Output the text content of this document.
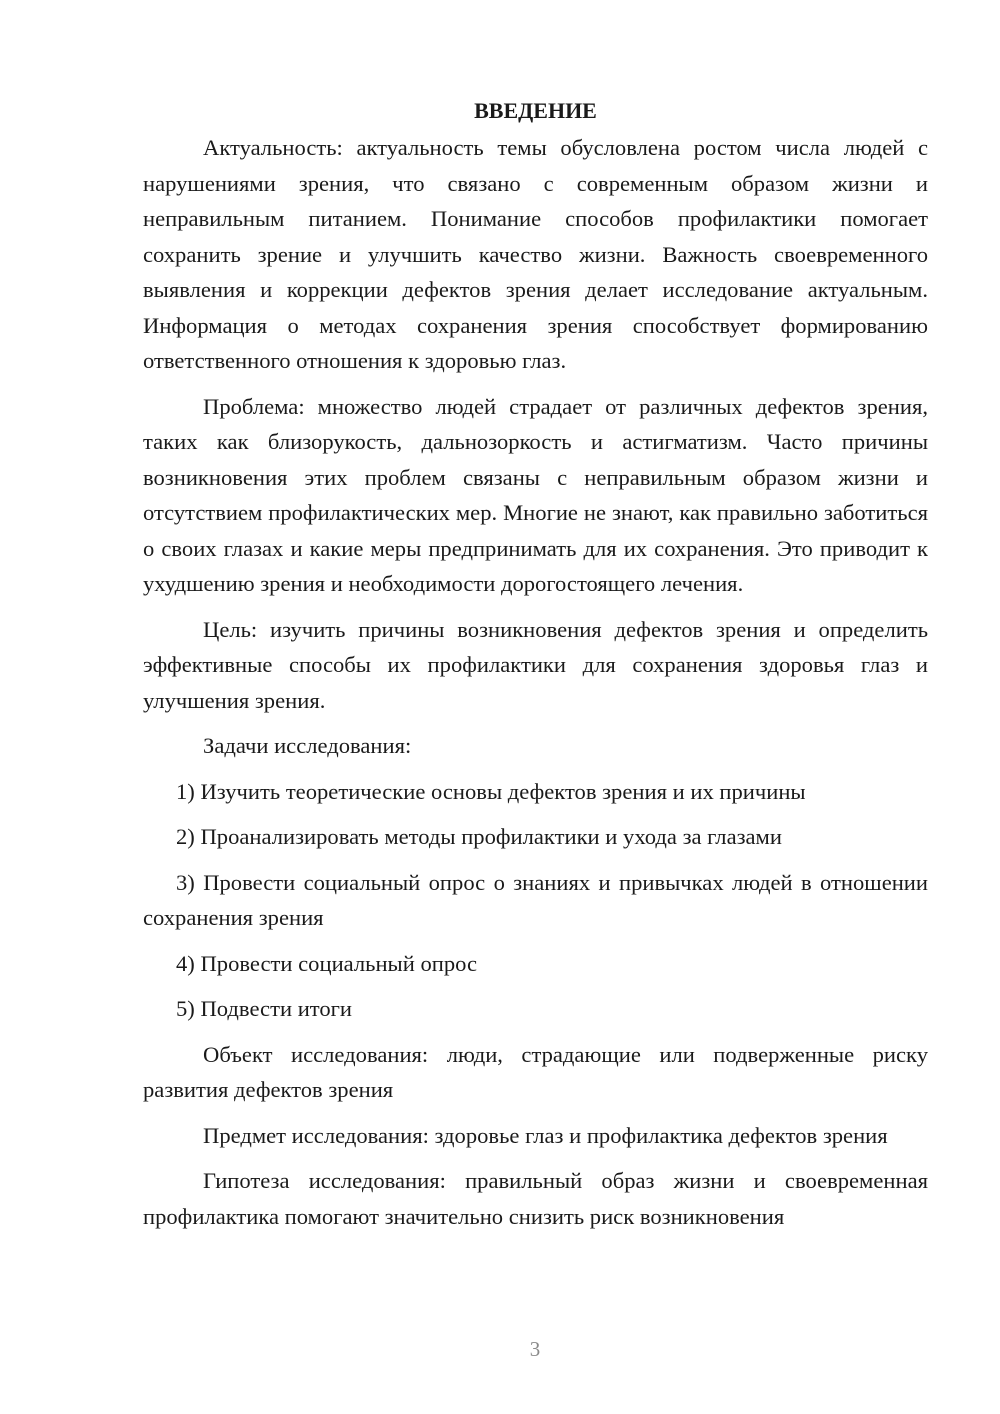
ВВЕДЕНИЕ

Актуальность: актуальность темы обусловлена ростом числа людей с нарушениями зрения, что связано с современным образом жизни и неправильным питанием. Понимание способов профилактики помогает сохранить зрение и улучшить качество жизни. Важность своевременного выявления и коррекции дефектов зрения делает исследование актуальным. Информация о методах сохранения зрения способствует формированию ответственного отношения к здоровью глаз.

Проблема: множество людей страдает от различных дефектов зрения, таких как близорукость, дальнозоркость и астигматизм. Часто причины возникновения этих проблем связаны с неправильным образом жизни и отсутствием профилактических мер. Многие не знают, как правильно заботиться о своих глазах и какие меры предпринимать для их сохранения. Это приводит к ухудшению зрения и необходимости дорогостоящего лечения.

Цель: изучить причины возникновения дефектов зрения и определить эффективные способы их профилактики для сохранения здоровья глаз и улучшения зрения.

Задачи исследования:

1) Изучить теоретические основы дефектов зрения и их причины

2) Проанализировать методы профилактики и ухода за глазами

3) Провести социальный опрос о знаниях и привычках людей в отношении сохранения зрения

4) Провести социальный опрос

5) Подвести итоги

Объект исследования: люди, страдающие или подверженные риску развития дефектов зрения

Предмет исследования: здоровье глаз и профилактика дефектов зрения

Гипотеза исследования: правильный образ жизни и своевременная профилактика помогают значительно снизить риск возникновения

3
